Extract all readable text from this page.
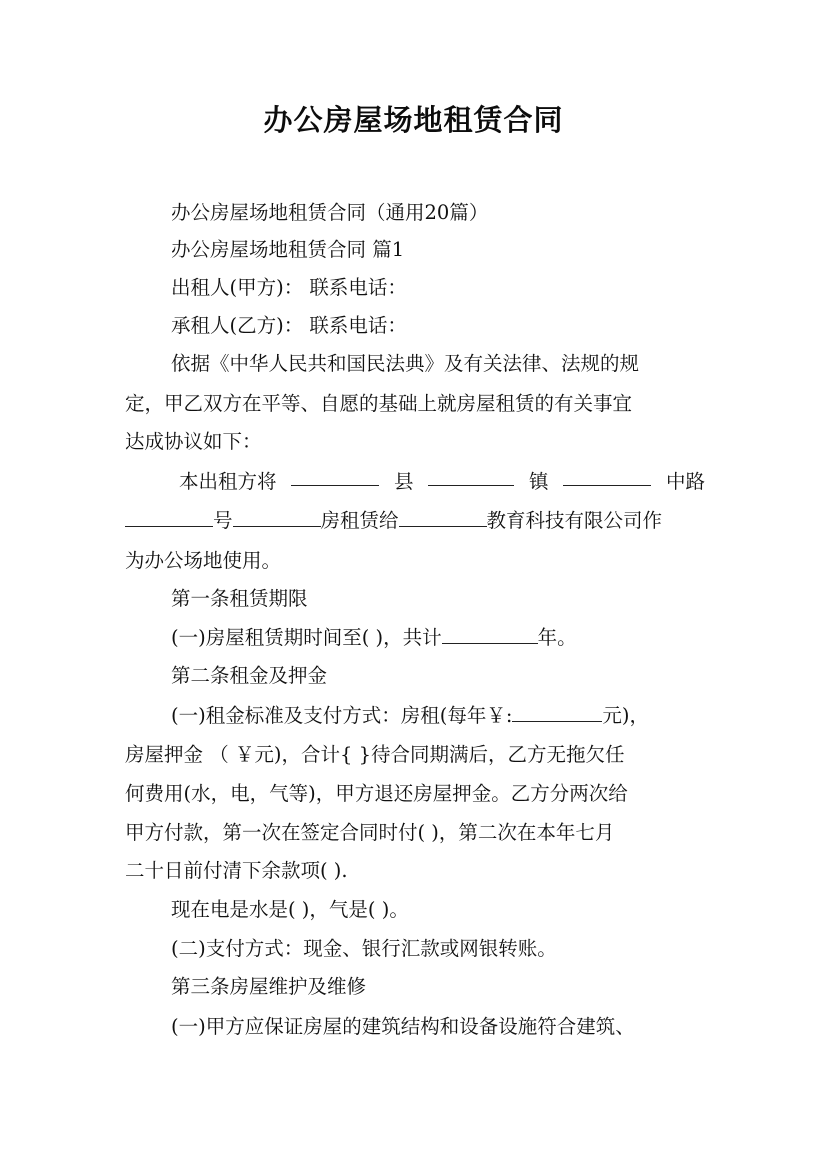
办公房屋场地租赁合同
办公房屋场地租赁合同（通用20篇）
办公房屋场地租赁合同 篇1
出租人(甲方)： 联系电话：
承租人(乙方)： 联系电话：
依据《中华人民共和国民法典》及有关法律、法规的规
定，甲乙双方在平等、自愿的基础上就房屋租赁的有关事宜
达成协议如下：
本出租方将	县	镇	中路
号	房租赁给	教育科技有限公司作
为办公场地使用。
第一条租赁期限
(一)房屋租赁期时间至( )，共计	年。
第二条租金及押金
(一)租金标准及支付方式：房租(每年￥:	元)，
房屋押金 （ ￥元)，合计{ }待合同期满后，乙方无拖欠任
何费用(水，电，气等)，甲方退还房屋押金。乙方分两次给
甲方付款，第一次在签定合同时付( )，第二次在本年七月
二十日前付清下余款项( ).
现在电是水是( )，气是( )。
(二)支付方式：现金、银行汇款或网银转账。
第三条房屋维护及维修
(一)甲方应保证房屋的建筑结构和设备设施符合建筑、
